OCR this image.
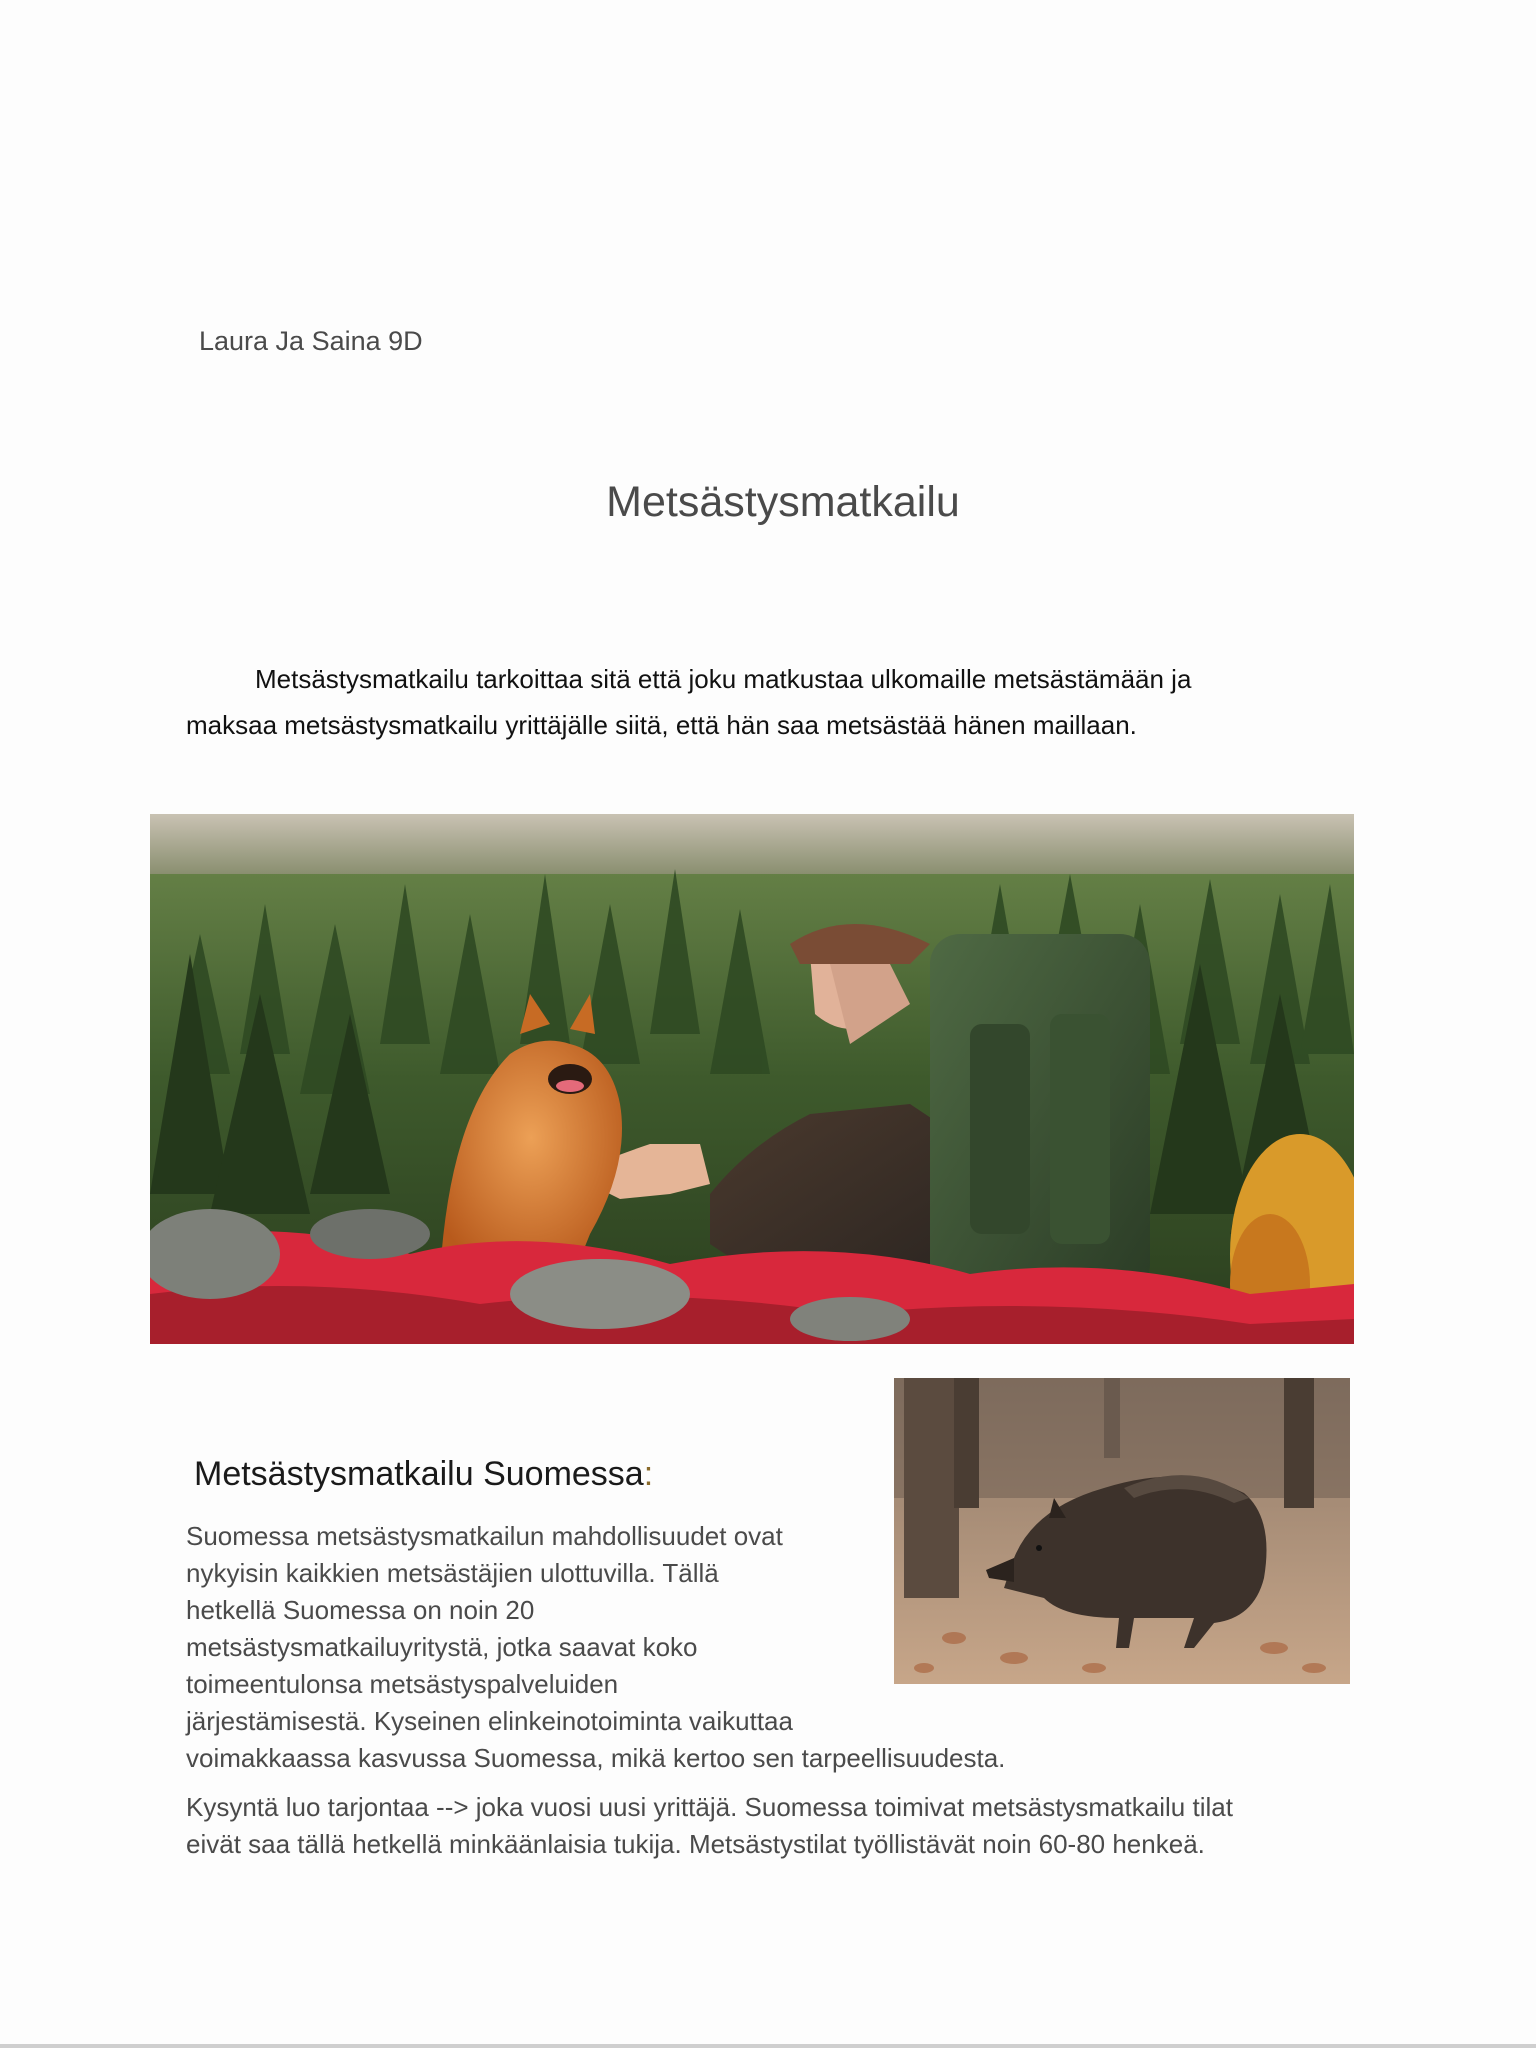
Laura Ja Saina 9D
Metsästysmatkailu
Metsästysmatkailu tarkoittaa sitä että joku matkustaa ulkomaille metsästämään ja
maksaa metsästysmatkailu yrittäjälle siitä, että hän saa metsästää hänen maillaan.
Metsästysmatkailu Suomessa:
Suomessa metsästysmatkailun mahdollisuudet ovat
nykyisin kaikkien metsästäjien ulottuvilla. Tällä
hetkellä Suomessa on noin 20
metsästysmatkailuyritystä, jotka saavat koko
toimeentulonsa metsästyspalveluiden
järjestämisestä. Kyseinen elinkeinotoiminta vaikuttaa
voimakkaassa kasvussa Suomessa, mikä kertoo sen tarpeellisuudesta.
Kysyntä luo tarjontaa --> joka vuosi uusi yrittäjä. Suomessa toimivat metsästysmatkailu tilat
eivät saa tällä hetkellä minkäänlaisia tukija. Metsästystilat työllistävät noin 60-80 henkeä.
